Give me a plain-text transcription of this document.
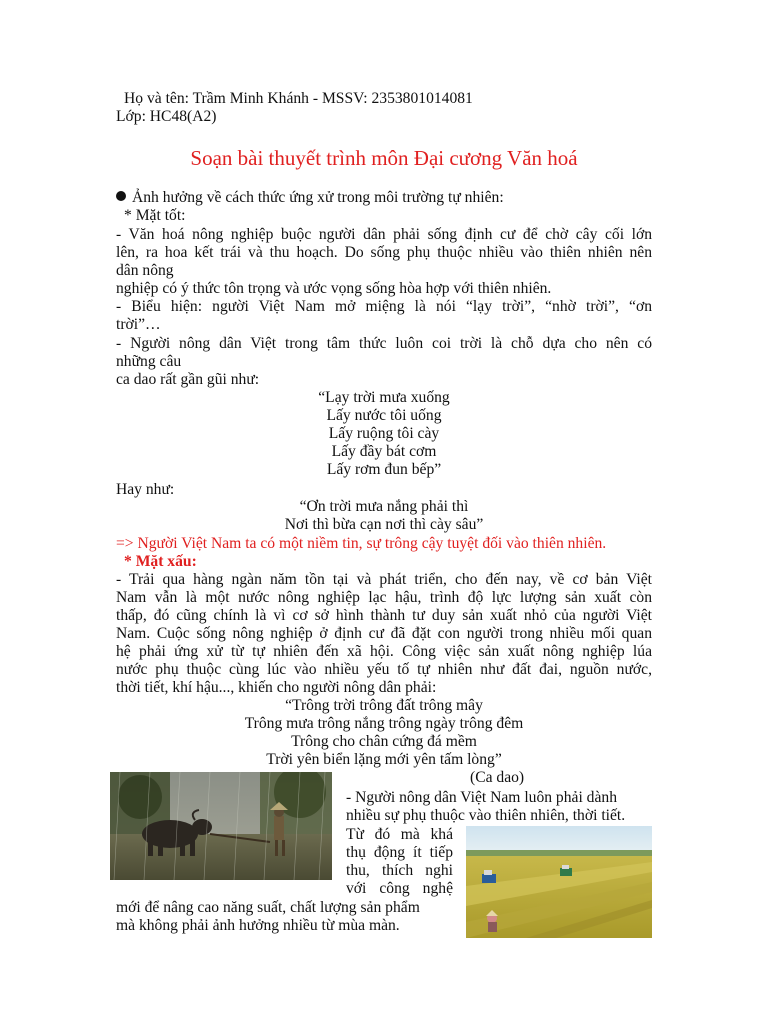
Họ và tên: Trầm Minh Khánh - MSSV: 2353801014081
Lớp: HC48(A2)
Soạn bài thuyết trình môn Đại cương Văn hoá
Ảnh hưởng về cách thức ứng xử trong môi trường tự nhiên:
* Mặt tốt:
- Văn hoá nông nghiệp buộc người dân phải sống định cư để chờ cây cối lớn
lên, ra hoa kết trái và thu hoạch. Do sống phụ thuộc nhiều vào thiên nhiên nên
dân nông
nghiệp có ý thức tôn trọng và ước vọng sống hòa hợp với thiên nhiên.
- Biểu hiện: người Việt Nam mở miệng là nói “lạy trời”, “nhờ trời”, “ơn
trời”…
- Người nông dân Việt trong tâm thức luôn coi trời là chỗ dựa cho nên có
những câu
ca dao rất gần gũi như:
“Lạy trời mưa xuống
Lấy nước tôi uống
Lấy ruộng tôi cày
Lấy đầy bát cơm
Lấy rơm đun bếp”
Hay như:
“Ơn trời mưa nắng phải thì
Nơi thì bừa cạn nơi thì cày sâu”
=> Người Việt Nam ta có một niềm tin, sự trông cậy tuyệt đối vào thiên nhiên.
* Mặt xấu:
- Trải qua hàng ngàn năm tồn tại và phát triển, cho đến nay, về cơ bản Việt
Nam vẫn là một nước nông nghiệp lạc hậu, trình độ lực lượng sản xuất còn
thấp, đó cũng chính là vì cơ sở hình thành tư duy sản xuất nhỏ của người Việt
Nam. Cuộc sống nông nghiệp ở định cư đã đặt con người trong nhiều mối quan
hệ phải ứng xử từ tự nhiên đến xã hội. Công việc sản xuất nông nghiệp lúa
nước phụ thuộc cùng lúc vào nhiều yếu tố tự nhiên như đất đai, nguồn nước,
thời tiết, khí hậu..., khiến cho người nông dân phải:
“Trông trời trông đất trông mây
Trông mưa trông nắng trông ngày trông đêm
Trông cho chân cứng đá mềm
Trời yên biển lặng mới yên tấm lòng”
(Ca dao)
- Người nông dân Việt Nam luôn phải dành
nhiều sự phụ thuộc vào thiên nhiên, thời tiết.
Từ đó mà khá
thụ động ít tiếp
thu, thích nghi
với công nghệ
mới để nâng cao năng suất, chất lượng sản phẩm
mà không phải ảnh hưởng nhiều từ mùa màn.
